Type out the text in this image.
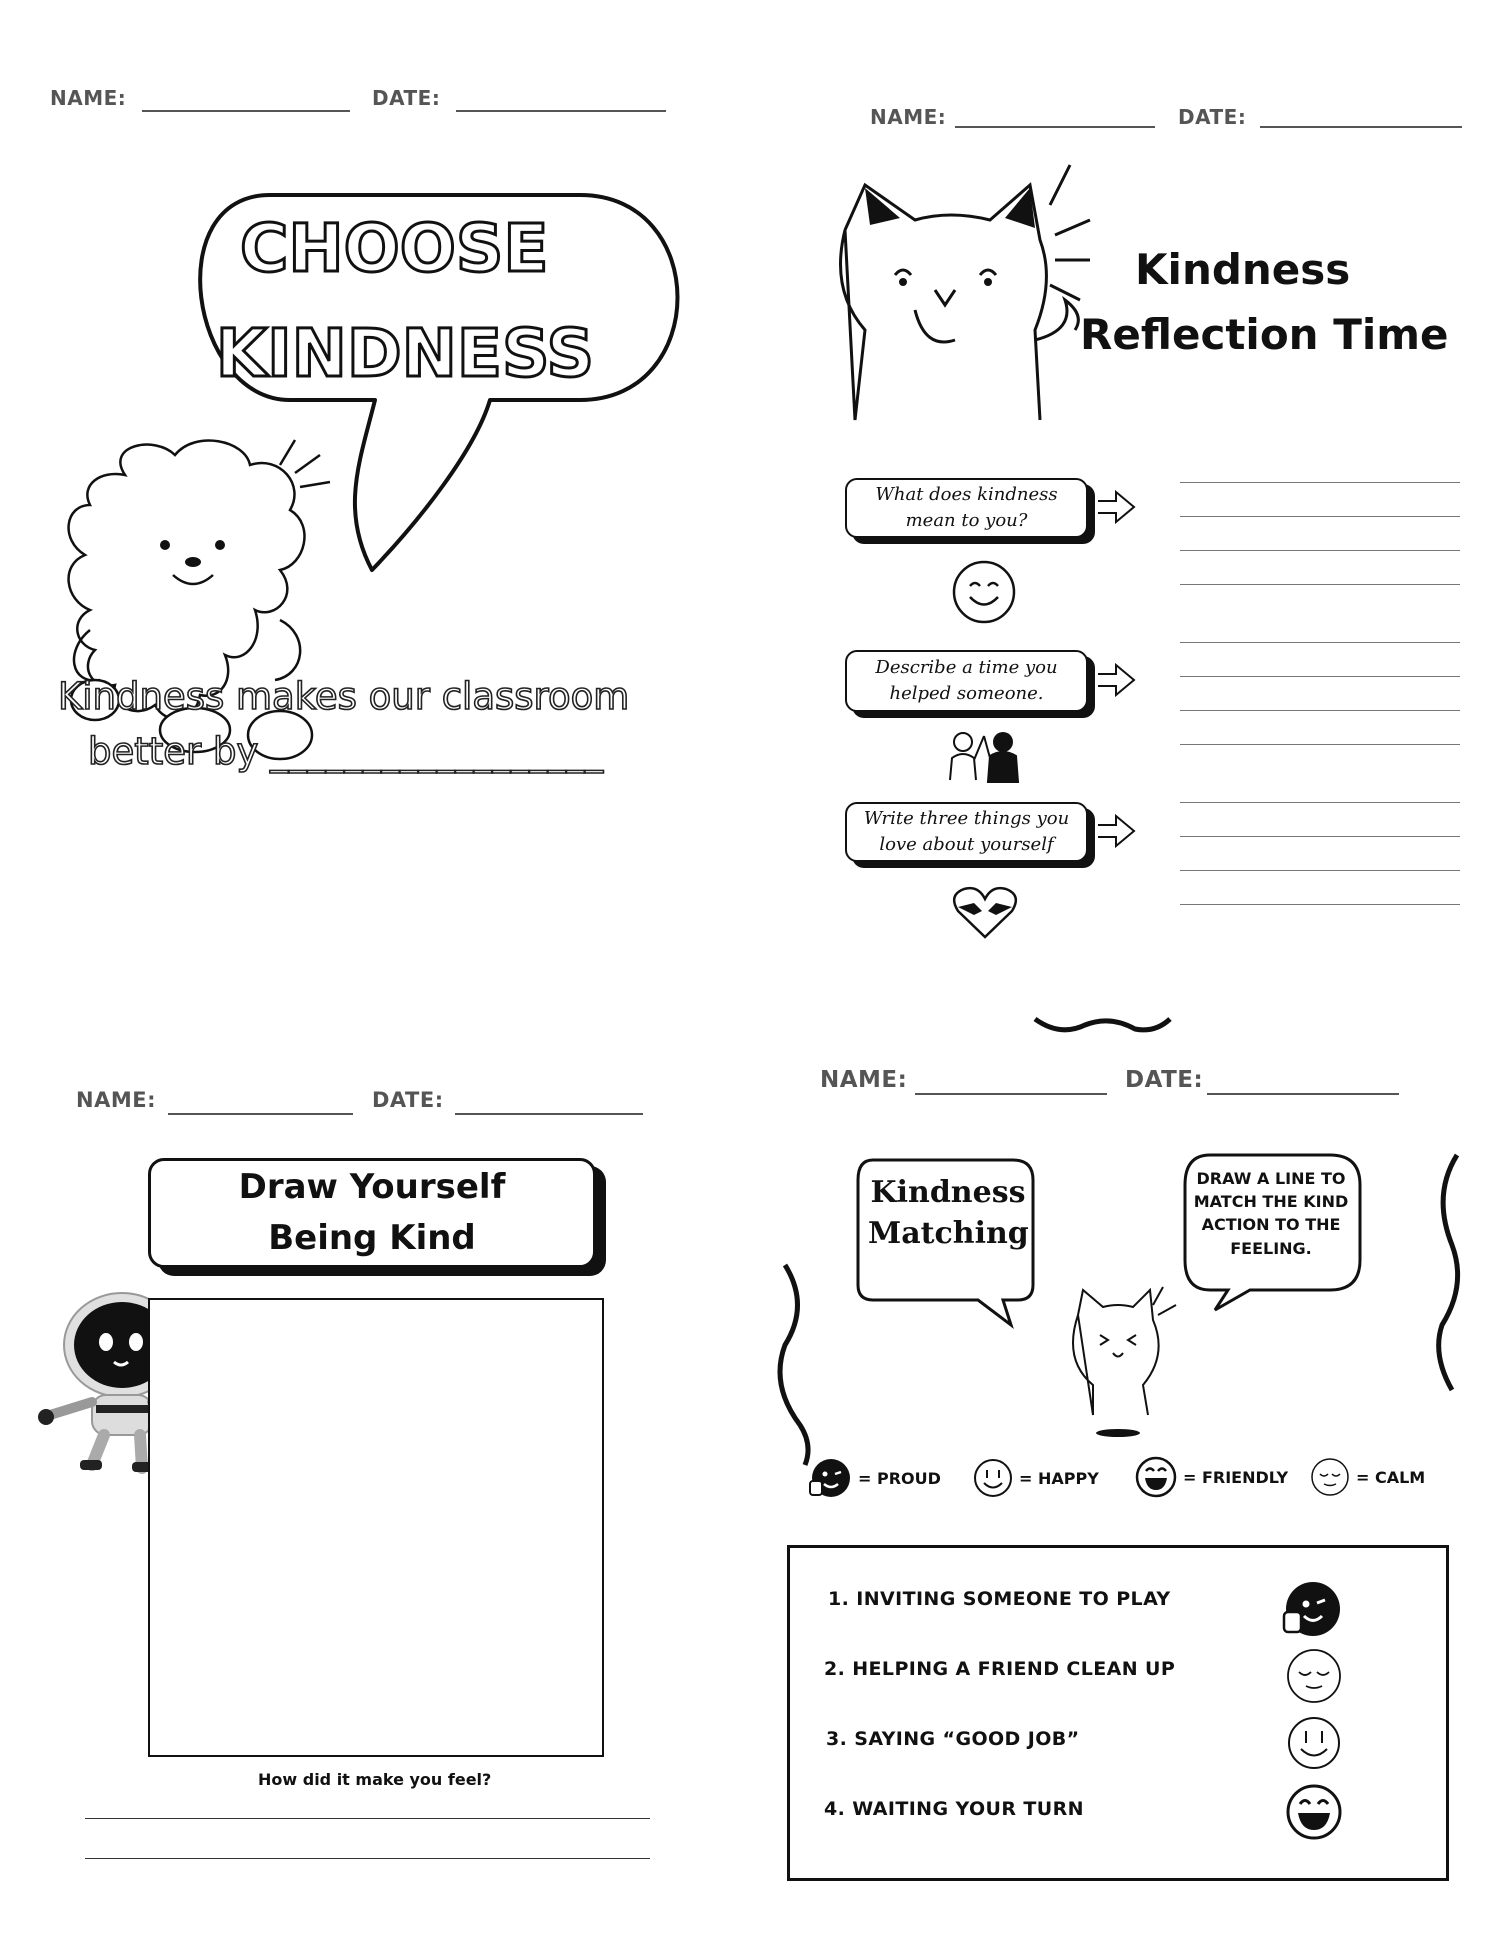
NAME:	DATE:
CHOOSE
KINDNESS
Kindness makes our classroom
better by __________________
NAME:	DATE:
Kindness
Reflection Time
What does kindness mean to you?
Describe a time you helped someone.
Write three things you love about yourself
NAME:	DATE:
Draw Yourself Being Kind
How did it make you feel?
NAME:	DATE:
Kindness Matching
DRAW A LINE TO MATCH THE KIND ACTION TO THE FEELING.
= PROUD	= HAPPY	= FRIENDLY	= CALM
1. INVITING SOMEONE TO PLAY
2. HELPING A FRIEND CLEAN UP
3. SAYING “GOOD JOB”
4. WAITING YOUR TURN
